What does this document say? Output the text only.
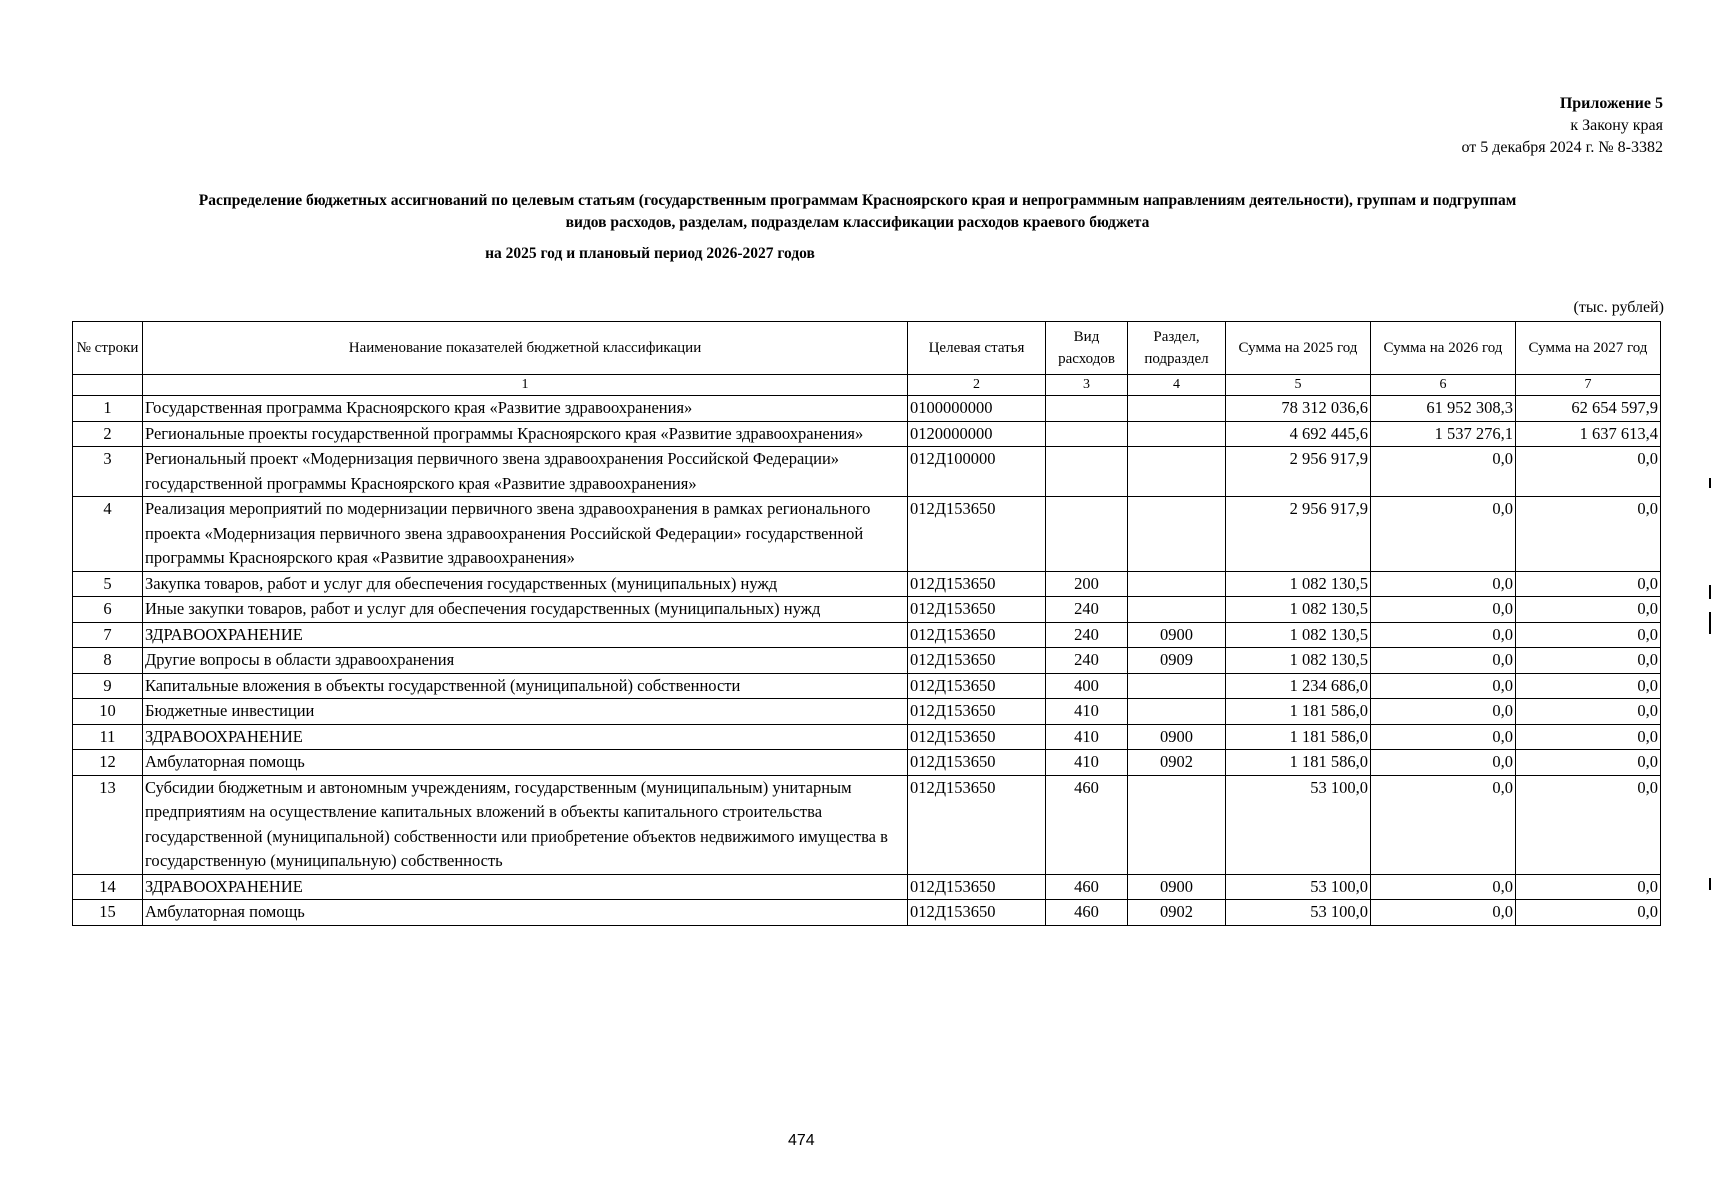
Приложение 5
к Закону края
от 5 декабря 2024 г. № 8-3382
Распределение бюджетных ассигнований по целевым статьям (государственным программам Красноярского края и непрограммным направлениям деятельности), группам и подгруппам
видов расходов, разделам, подразделам классификации расходов краевого бюджета
на 2025 год и плановый период 2026-2027 годов
(тыс. рублей)
№ строки	Наименование показателей бюджетной классификации	Целевая статья	Вид расходов	Раздел, подраздел	Сумма на 2025 год	Сумма на 2026 год	Сумма на 2027 год
	1	2	3	4	5	6	7
1	Государственная программа Красноярского края «Развитие здравоохранения»	0100000000			78 312 036,6	61 952 308,3	62 654 597,9
2	Региональные проекты государственной программы Красноярского края «Развитие здравоохранения»	0120000000			4 692 445,6	1 537 276,1	1 637 613,4
3	Региональный проект «Модернизация первичного звена здравоохранения Российской Федерации» государственной программы Красноярского края «Развитие здравоохранения»	012Д100000			2 956 917,9	0,0	0,0
4	Реализация мероприятий по модернизации первичного звена здравоохранения в рамках регионального проекта «Модернизация первичного звена здравоохранения Российской Федерации» государственной программы Красноярского края «Развитие здравоохранения»	012Д153650			2 956 917,9	0,0	0,0
5	Закупка товаров, работ и услуг для обеспечения государственных (муниципальных) нужд	012Д153650	200		1 082 130,5	0,0	0,0
6	Иные закупки товаров, работ и услуг для обеспечения государственных (муниципальных) нужд	012Д153650	240		1 082 130,5	0,0	0,0
7	ЗДРАВООХРАНЕНИЕ	012Д153650	240	0900	1 082 130,5	0,0	0,0
8	Другие вопросы в области здравоохранения	012Д153650	240	0909	1 082 130,5	0,0	0,0
9	Капитальные вложения в объекты государственной (муниципальной) собственности	012Д153650	400		1 234 686,0	0,0	0,0
10	Бюджетные инвестиции	012Д153650	410		1 181 586,0	0,0	0,0
11	ЗДРАВООХРАНЕНИЕ	012Д153650	410	0900	1 181 586,0	0,0	0,0
12	Амбулаторная помощь	012Д153650	410	0902	1 181 586,0	0,0	0,0
13	Субсидии бюджетным и автономным учреждениям, государственным (муниципальным) унитарным предприятиям на осуществление капитальных вложений в объекты капитального строительства государственной (муниципальной) собственности или приобретение объектов недвижимого имущества в государственную (муниципальную) собственность	012Д153650	460		53 100,0	0,0	0,0
14	ЗДРАВООХРАНЕНИЕ	012Д153650	460	0900	53 100,0	0,0	0,0
15	Амбулаторная помощь	012Д153650	460	0902	53 100,0	0,0	0,0
474
